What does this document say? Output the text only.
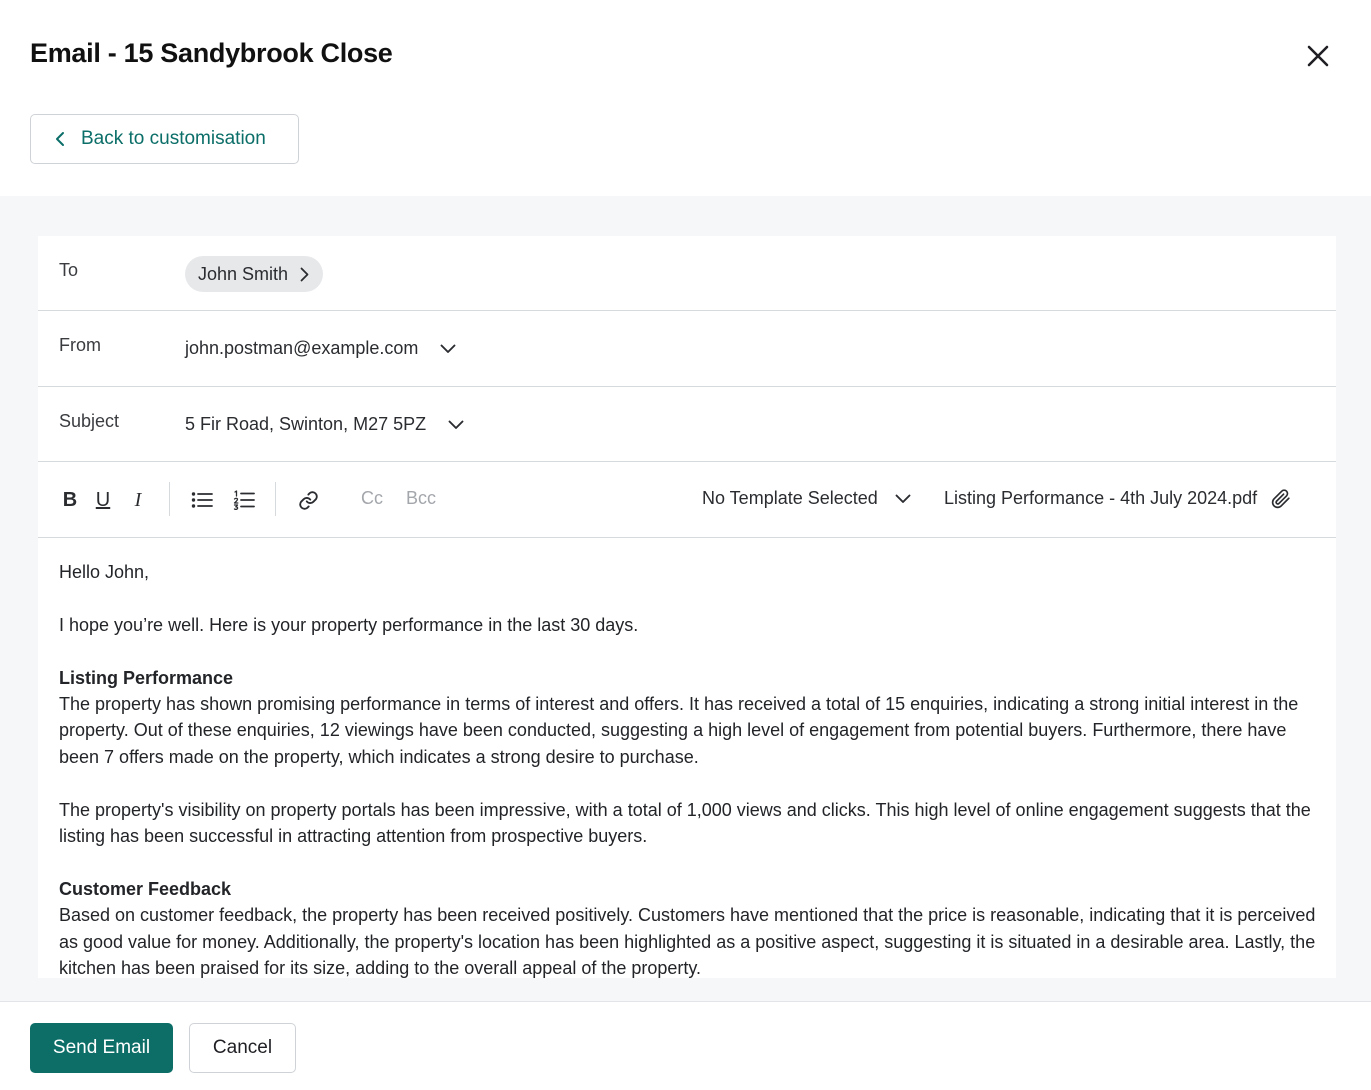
Email - 15 Sandybrook Close
Back to customisation
To	John Smith
From	john.postman@example.com
Subject	5 Fir Road, Swinton, M27 5PZ
B U	I	Cc Bcc	No Template Selected	Listing Performance - 4th July 2024.pdf

Hello John,

I hope you’re well. Here is your property performance in the last 30 days.

Listing Performance

The property has shown promising performance in terms of interest and offers. It has received a total of 15 enquiries, indicating a strong initial interest in the property. Out of these enquiries, 12 viewings have been conducted, suggesting a high level of engagement from potential buyers. Furthermore, there have been 7 offers made on the property, which indicates a strong desire to purchase.

The property's visibility on property portals has been impressive, with a total of 1,000 views and clicks. This high level of online engagement suggests that the listing has been successful in attracting attention from prospective buyers.

Customer Feedback

Based on customer feedback, the property has been received positively. Customers have mentioned that the price is reasonable, indicating that it is perceived as good value for money. Additionally, the property's location has been highlighted as a positive aspect, suggesting it is situated in a desirable area. Lastly, the kitchen has been praised for its size, adding to the overall appeal of the property.

Send Email	Cancel
